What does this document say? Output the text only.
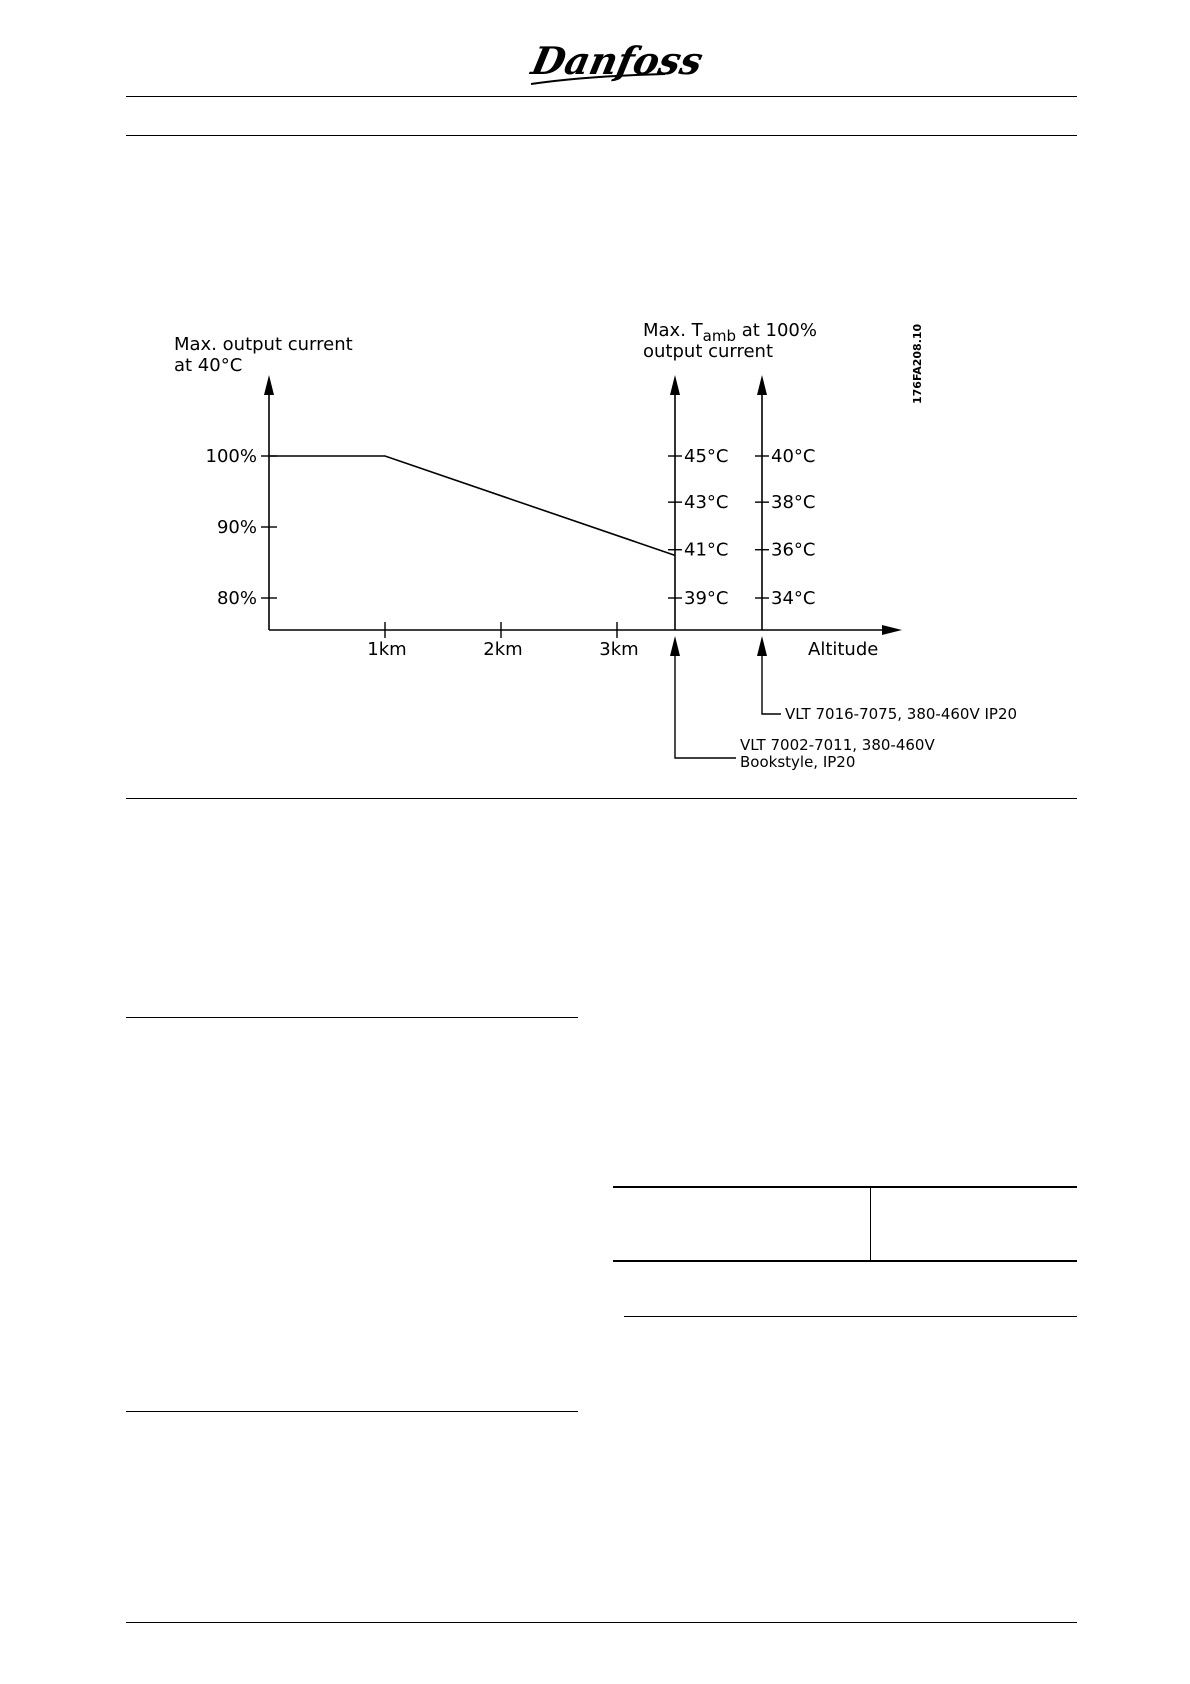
Danfoss
176FA208.10
Max. output current
at 40°C
Max. $T_{amb}$ at 100%
output current
100%
90%
80%
1km	2km	3km	Altitude
45°C
43°C
41°C
39°C
VLT 7002-7011, 380-460V
Bookstyle, IP20
40°C
38°C
36°C
34°C
VLT 7016-7075, 380-460V IP20
